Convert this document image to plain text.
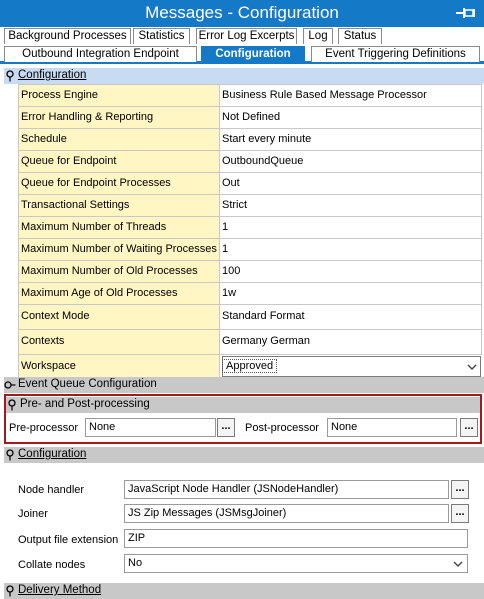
Messages - Configuration
Background Processes	Statistics	Error Log Excerpts	Log	Status
Outbound Integration Endpoint	Configuration	Event Triggering Definitions
Configuration
Process Engine	Business Rule Based Message Processor
Error Handling & Reporting	Not Defined
Schedule	Start every minute
Queue for Endpoint	OutboundQueue
Queue for Endpoint Processes	Out
Transactional Settings	Strict
Maximum Number of Threads	1
Maximum Number of Waiting Processes 1
Maximum Number of Old Processes	100
Maximum Age of Old Processes	1w
Context Mode	Standard Format
Contexts	Germany German
Workspace	Approved
Event Queue Configuration
Pre- and Post-processing
Pre-processor None	...	Post-processor	None	...
Configuration
Node handler	JavaScript Node Handler (JSNodeHandler)	...
Joiner	JS Zip Messages (JSMsgJoiner)	...
Output file extension ZIP
Collate nodes	No
Delivery Method
